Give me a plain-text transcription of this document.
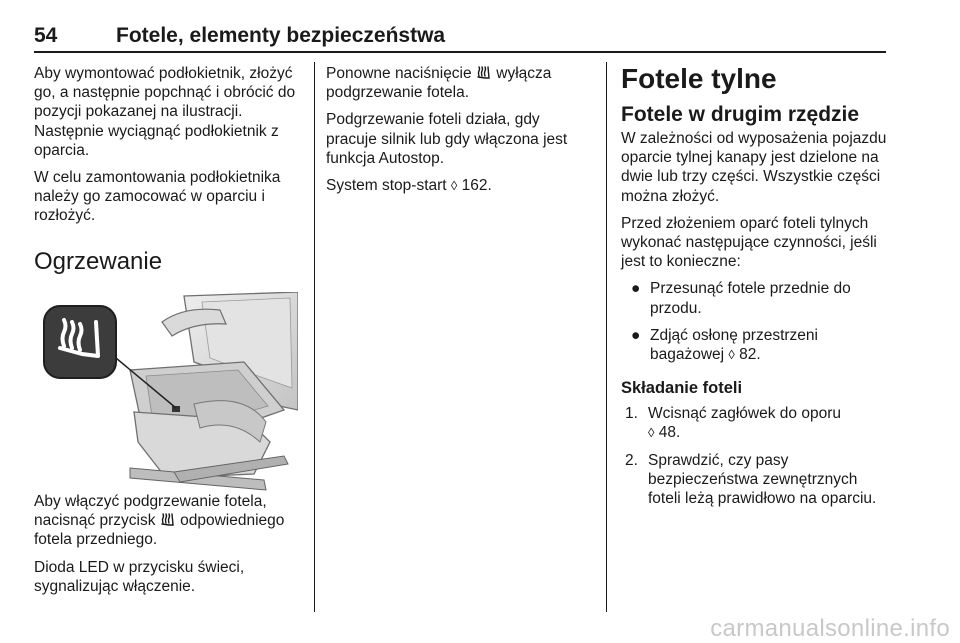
54	Fotele, elementy bezpieczeństwa

Aby wymontować podłokietnik, złożyć go, a następnie popchnąć i obrócić do pozycji pokazanej na ilustracji. Następnie wyciągnąć podłokietnik z oparcia.

W celu zamontowania podłokietnika należy go zamocować w oparciu i rozłożyć.

Ogrzewanie

Aby włączyć podgrzewanie fotela, nacisnąć przycisk odpowiedniego fotela przedniego.

Dioda LED w przycisku świeci, sygnalizując włączenie.

Ponowne naciśnięcie wyłącza podgrzewanie fotela.

Podgrzewanie foteli działa, gdy pracuje silnik lub gdy włączona jest funkcja Autostop.

System stop-start ◊ 162.

Fotele tylne
Fotele w drugim rzędzie

W zależności od wyposażenia pojazdu oparcie tylnej kanapy jest dzielone na dwie lub trzy części. Wszystkie części można złożyć.

Przed złożeniem oparć foteli tylnych wykonać następujące czynności, jeśli jest to konieczne:

● Przesunąć fotele przednie do przodu.
● Zdjąć osłonę przestrzeni bagażowej ◊ 82.
Składanie foteli
1. Wcisnąć zagłówek do oporu
◊ 48.
2. Sprawdzić, czy pasy bezpieczeństwa zewnętrznych foteli leżą prawidłowo na oparciu.
carmanualsonline.info
